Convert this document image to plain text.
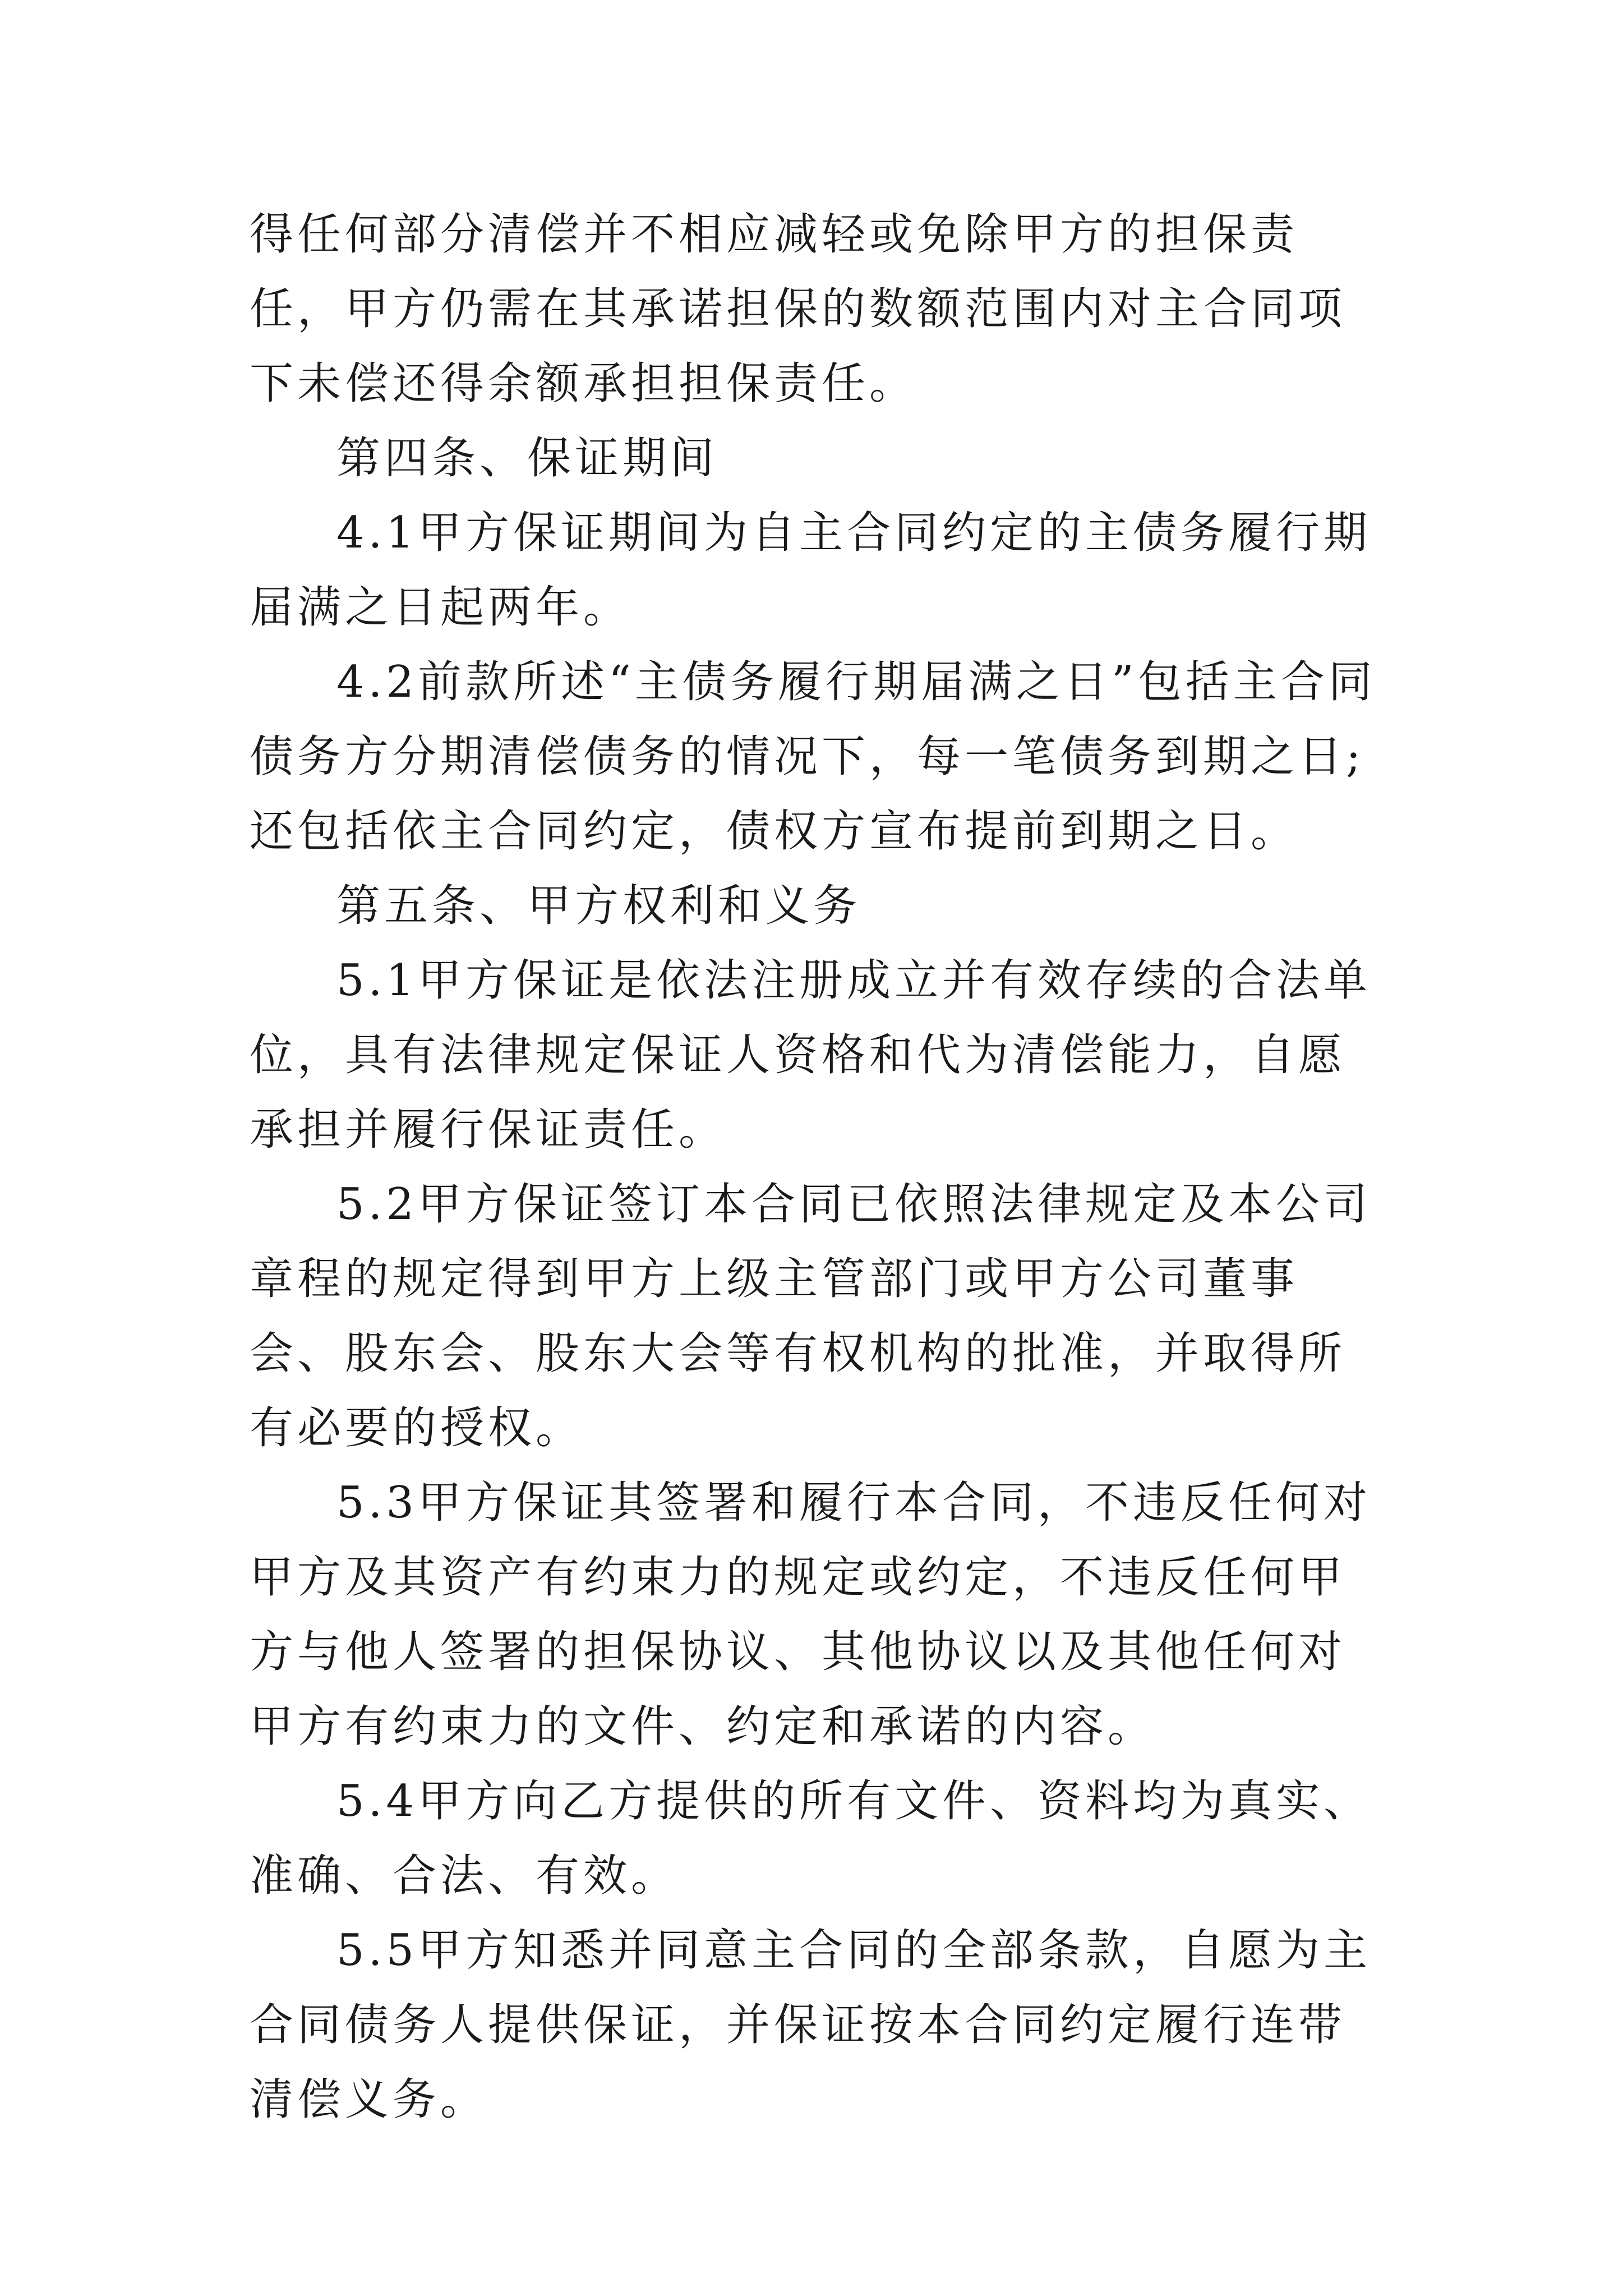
得任何部分清偿并不相应减轻或免除甲方的担保责任，甲方仍需在其承诺担保的数额范围内对主合同项下未偿还得余额承担担保责任。

第四条、保证期间

4.1甲方保证期间为自主合同约定的主债务履行期届满之日起两年。

4.2前款所述“主债务履行期届满之日”包括主合同债务方分期清偿债务的情况下，每一笔债务到期之日;还包括依主合同约定，债权方宣布提前到期之日。

第五条、甲方权利和义务

5.1甲方保证是依法注册成立并有效存续的合法单位，具有法律规定保证人资格和代为清偿能力，自愿承担并履行保证责任。

5.2甲方保证签订本合同已依照法律规定及本公司章程的规定得到甲方上级主管部门或甲方公司董事会、股东会、股东大会等有权机构的批准，并取得所有必要的授权。

5.3甲方保证其签署和履行本合同，不违反任何对甲方及其资产有约束力的规定或约定，不违反任何甲方与他人签署的担保协议、其他协议以及其他任何对甲方有约束力的文件、约定和承诺的内容。

5.4甲方向乙方提供的所有文件、资料均为真实、准确、合法、有效。

5.5甲方知悉并同意主合同的全部条款，自愿为主合同债务人提供保证，并保证按本合同约定履行连带清偿义务。
